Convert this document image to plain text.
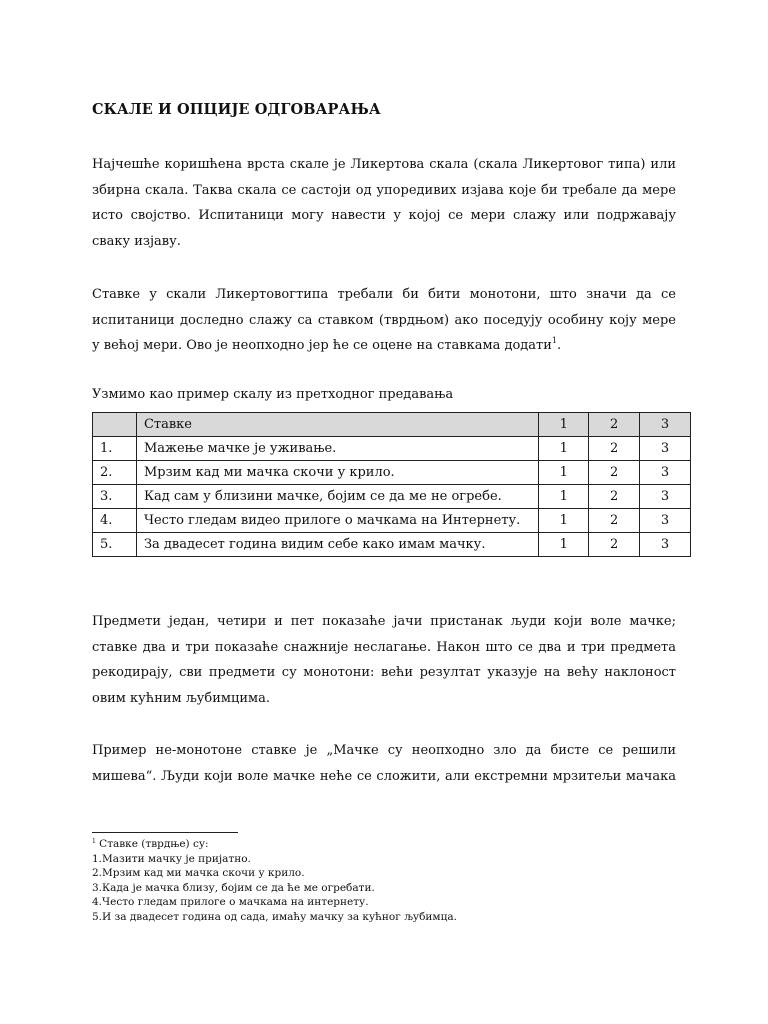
СКАЛЕ И ОПЦИЈЕ ОДГОВАРАЊА

Најчешће коришћена врста скале је Ликертова скала (скала Ликертовог типа) или
збирна скала. Таква скала се састоји од упоредивих изјава које би требале да мере
исто својство. Испитаници могу навести у којој се мери слажу или подржавају
сваку изјаву.

Ставке у скали Ликертовогтипа требали би бити монотони, што значи да се
испитаници доследно слажу са ставком (тврдњом) ако поседују особину коју мере
у већој мери. Ово је неопходно јер ће се оцене на ставкама додати$^1$.

Узмимо као пример скалу из претходног предавања

	Ставке	1	2	3
1.	Мажење мачке је уживање.	1	2	3
2.	Мрзим кад ми мачка скочи у крило.	1	2	3
3.	Кад сам у близини мачке, бојим се да ме не огребе.	1	2	3
4.	Често гледам видео прилоге о мачкама на Интернету.	1	2	3
5.	За двадесет година видим себе како имам мачку.	1	2	3

Предмети један, четири и пет показаће јачи пристанак људи који воле мачке;
ставке два и три показаће снажније неслагање. Након што се два и три предмета
рекодирају, сви предмети су монотони: већи резултат указује на већу наклоност
овим кућним љубимцима.

Пример не-монотоне ставке је „Мачке су неопходно зло да бисте се решили
мишева“. Људи који воле мачке неће се сложити, али екстремни мрзитељи мачака

$^1$ Ставке (тврдње) су:
1.Мазити мачку је пријатно.
2.Мрзим кад ми мачка скочи у крило.
3.Када је мачка близу, бојим се да ће ме огребати.
4.Често гледам прилоге о мачкама на интернету.
5.И за двадесет година од сада, имаћу мачку за кућног љубимца.
